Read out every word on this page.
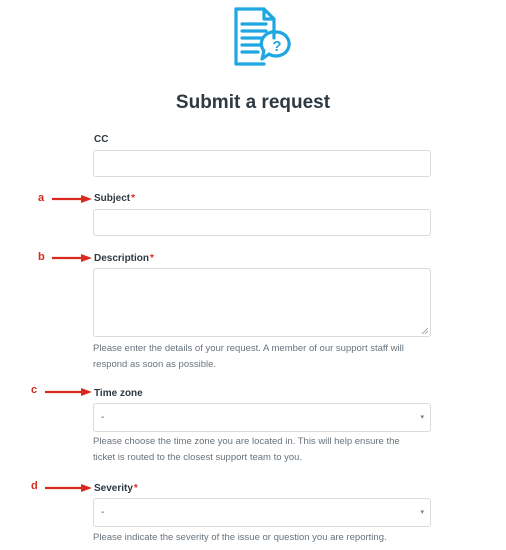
?
Submit a request
CC
a	Subject*
b	Description*
Please enter the details of your request. A member of our support staff will
respond as soon as possible.
c	Time zone
-	▾
Please choose the time zone you are located in. This will help ensure the
ticket is routed to the closest support team to you.
d	Severity*
-	▾
Please indicate the severity of the issue or question you are reporting.
